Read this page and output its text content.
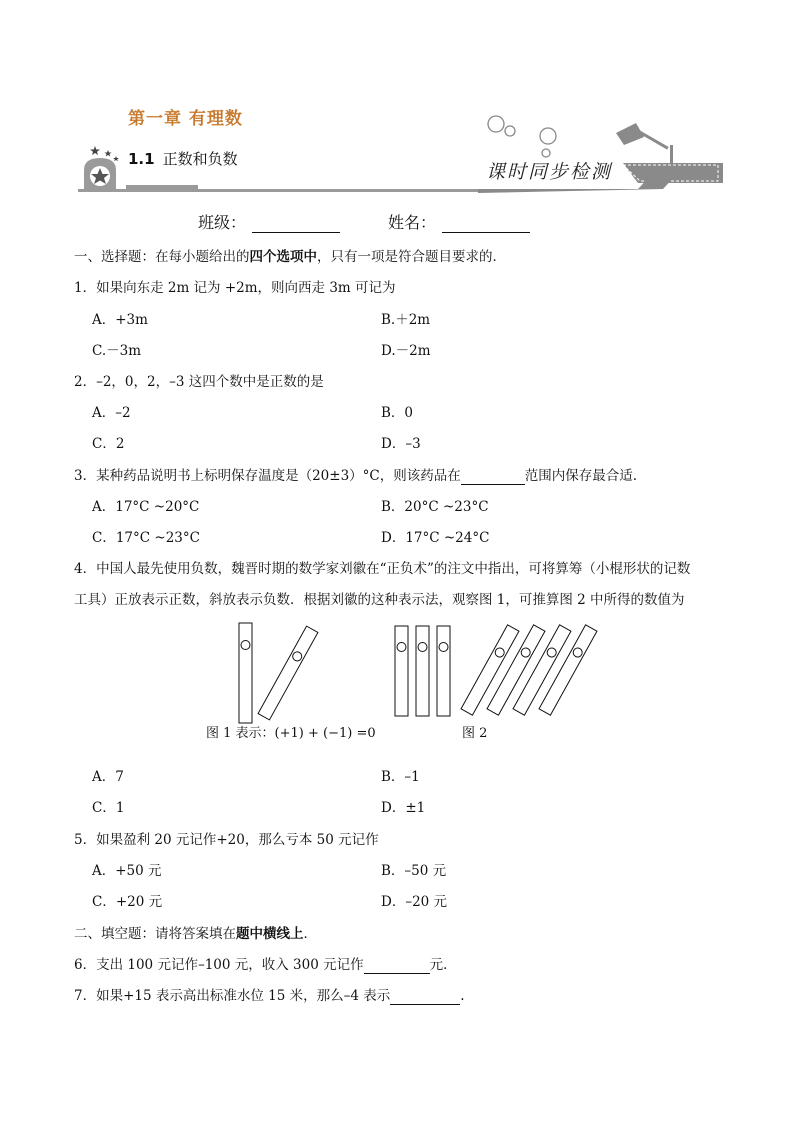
第一章 有理数
1.1 正数和负数
课时同步检测
班级：	姓名：
一、选择题：在每小题给出的四个选项中，只有一项是符合题目要求的．
1．如果向东走 2m 记为 +2m，则向西走 3m 可记为
A．+3m	B.＋2m
C.－3m	D.－2m
2．–2，0，2，–3 这四个数中是正数的是
A．–2	B．0
C．2	D．–3
3．某种药品说明书上标明保存温度是（20±3）°C，则该药品在	范围内保存最合适.
A．17°C ~20°C	B．20°C ~23°C
C．17°C ~23°C	D．17°C ~24°C
4．中国人最先使用负数，魏晋时期的数学家刘徽在“正负术”的注文中指出，可将算筹（小棍形状的记数
工具）正放表示正数，斜放表示负数．根据刘徽的这种表示法，观察图 1，可推算图 2 中所得的数值为
图 1 表示：(+1) + (−1) =0	图 2
A．7	B．–1
C．1	D．±1
5．如果盈利 20 元记作+20，那么亏本 50 元记作
A．+50 元	B．–50 元
C．+20 元	D．–20 元
二、填空题：请将答案填在题中横线上．
6．支出 100 元记作–100 元，收入 300 元记作	元．
7．如果+15 表示高出标准水位 15 米，那么–4 表示	.
